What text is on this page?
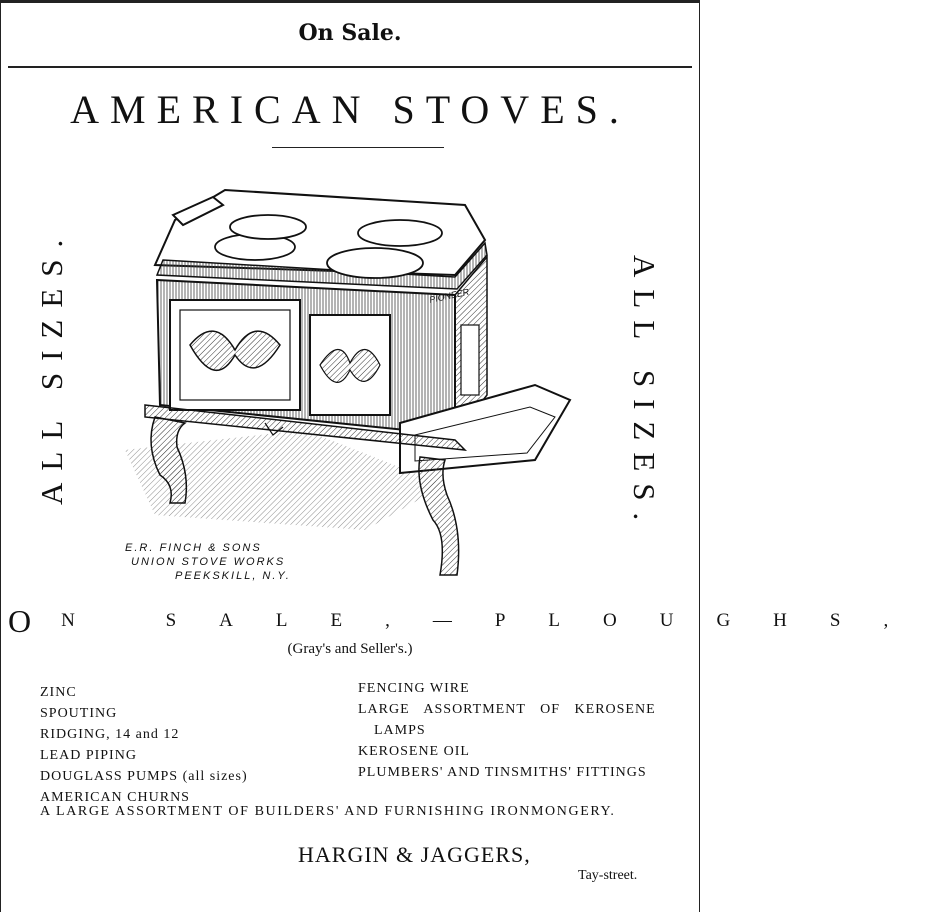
On Sale.
AMERICAN STOVES.
ALL SIZES.	ALL SIZES.
E.R. FINCH & SONS
UNION STOVE WORKS
PEEKSKILL, N.Y.
O N SALE,—PLOUGHS,
(Gray's and Seller's.)
ZINC
SPOUTING
RIDGING, 14 and 12
LEAD PIPING
DOUGLASS PUMPS (all sizes)
AMERICAN CHURNS
FENCING WIRE
LARGE ASSORTMENT OF KEROSENE
LAMPS
KEROSENE OIL
PLUMBERS' AND TINSMITHS' FITTINGS
A LARGE ASSORTMENT OF BUILDERS' AND FURNISHING IRONMONGERY.
HARGIN & JAGGERS,
Tay-street.
